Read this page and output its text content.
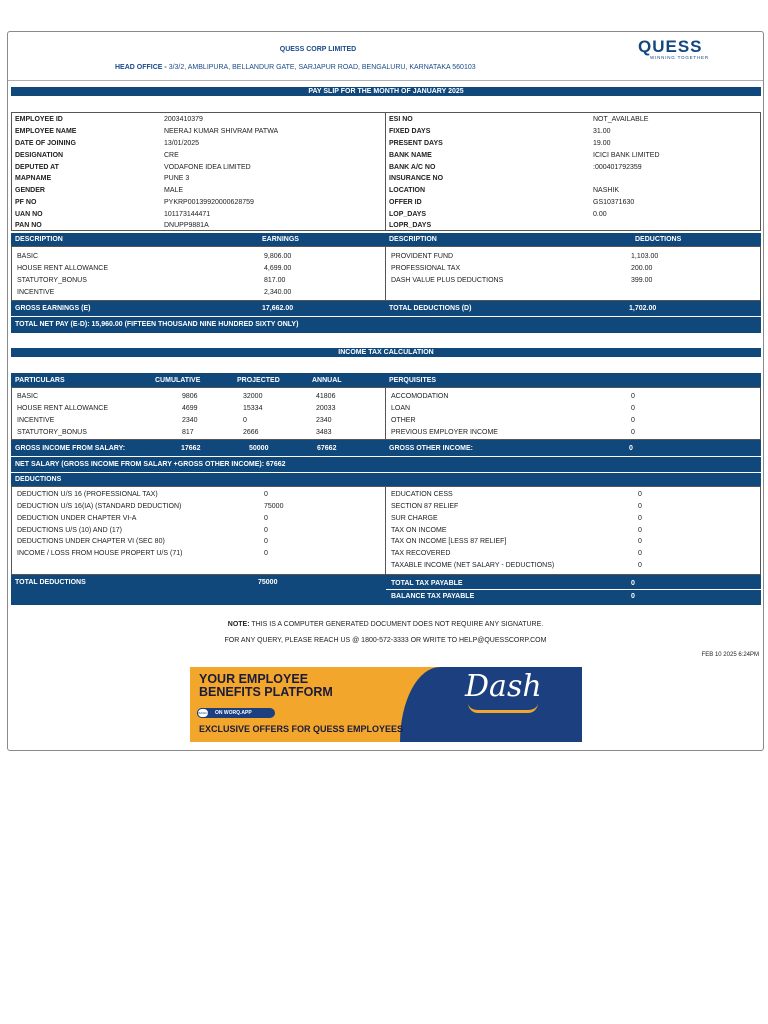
QUESS CORP LIMITED
HEAD OFFICE - 3/3/2, AMBLIPURA, BELLANDUR GATE, SARJAPUR ROAD, BENGALURU, KARNATAKA 560103
QUESS
WINNING TOGETHER
PAY SLIP FOR THE MONTH OF JANUARY 2025
EMPLOYEE ID	2003410379
EMPLOYEE NAME	NEERAJ KUMAR SHIVRAM PATWA
DATE OF JOINING	13/01/2025
DESIGNATION	CRE
DEPUTED AT	VODAFONE IDEA LIMITED
MAPNAME	PUNE 3
GENDER	MALE
PF NO	PYKRP00139920000628759
UAN NO	101173144471
PAN NO	DNUPP9881A
ESI NO	NOT_AVAILABLE
FIXED DAYS	31.00
PRESENT DAYS	19.00
BANK NAME	ICICI BANK LIMITED
BANK A/C NO	:000401792359
INSURANCE NO
LOCATION	NASHIK
OFFER ID	GS10371630
LOP_DAYS	0.00
LOPR_DAYS
DESCRIPTION	EARNINGS	DESCRIPTION	DEDUCTIONS
BASIC	9,806.00
HOUSE RENT ALLOWANCE	4,699.00
STATUTORY_BONUS	817.00
INCENTIVE	2,340.00
PROVIDENT FUND	1,103.00
PROFESSIONAL TAX	200.00
DASH VALUE PLUS DEDUCTIONS	399.00
GROSS EARNINGS (E)	17,662.00	TOTAL DEDUCTIONS (D)	1,702.00
TOTAL NET PAY (E-D): 15,960.00 (FIFTEEN THOUSAND NINE HUNDRED SIXTY ONLY)
INCOME TAX CALCULATION
PARTICULARS	CUMULATIVE	PROJECTED	ANNUAL	PERQUISITES
BASIC	9806	32000	41806
HOUSE RENT ALLOWANCE	4699	15334	20033
INCENTIVE	2340	0	2340
STATUTORY_BONUS	817	2666	3483
ACCOMODATION	0
LOAN	0
OTHER	0
PREVIOUS EMPLOYER INCOME	0
GROSS INCOME FROM SALARY:	17662	50000	67662	GROSS OTHER INCOME:	0
NET SALARY (GROSS INCOME FROM SALARY +GROSS OTHER INCOME): 67662
DEDUCTIONS
DEDUCTION U/S 16 (PROFESSIONAL TAX)	0
DEDUCTION U/S 16(IA) (STANDARD DEDUCTION)	75000
DEDUCTION UNDER CHAPTER VI-A	0
DEDUCTIONS U/S (10) AND (17)	0
DEDUCTIONS UNDER CHAPTER VI (SEC 80)	0
INCOME / LOSS FROM HOUSE PROPERT U/S (71)	0
EDUCATION CESS	0
SECTION 87 RELIEF	0
SUR CHARGE	0
TAX ON INCOME	0
TAX ON INCOME [LESS 87 RELIEF]	0
TAX RECOVERED	0
TAXABLE INCOME (NET SALARY - DEDUCTIONS)	0
TOTAL DEDUCTIONS	75000	TOTAL TAX PAYABLE	0
BALANCE TAX PAYABLE	0
NOTE: THIS IS A COMPUTER GENERATED DOCUMENT DOES NOT REQUIRE ANY SIGNATURE.
FOR ANY QUERY, PLEASE REACH US @ 1800-572-3333 OR WRITE TO HELP@QUESSCORP.COM
FEB 10 2025 6:24PM
YOUR EMPLOYEE
BENEFITS PLATFORM
ON WORQ.APP
BASIC
EXCLUSIVE OFFERS FOR QUESS EMPLOYEES
Dash
